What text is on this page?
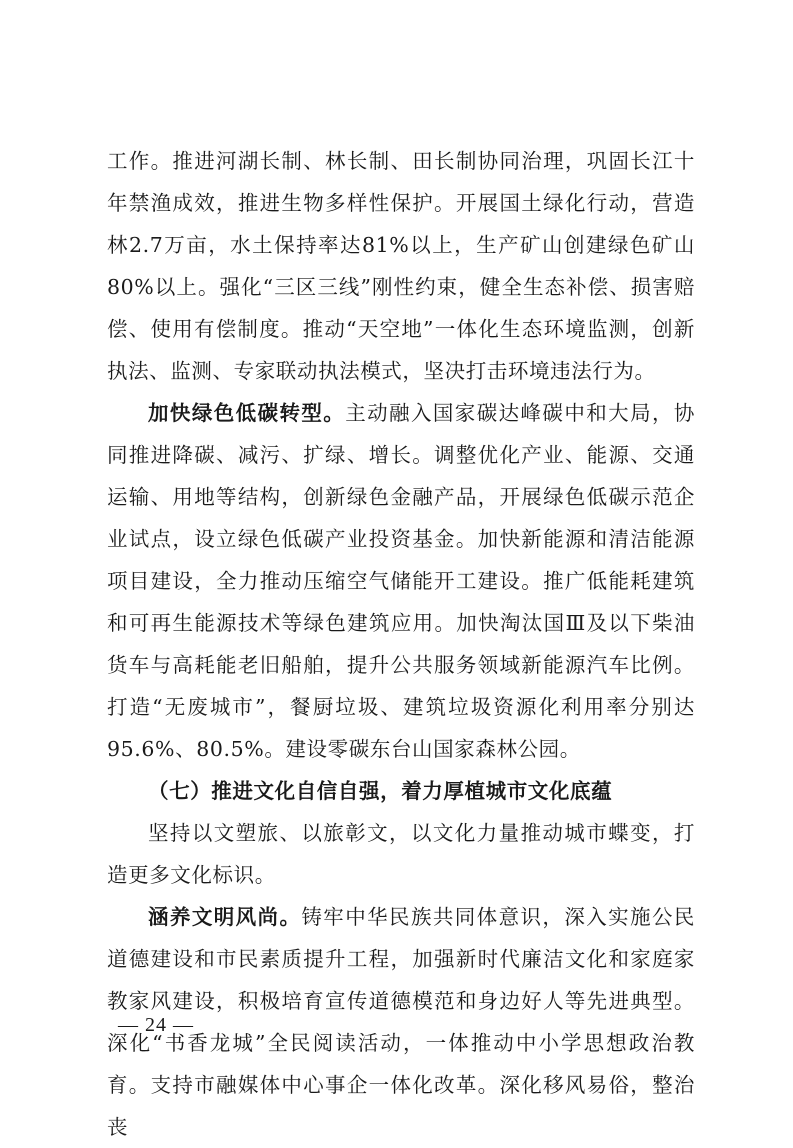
工作。推进河湖长制、林长制、田长制协同治理，巩固长江十年禁渔成效，推进生物多样性保护。开展国土绿化行动，营造林2.7万亩，水土保持率达81%以上，生产矿山创建绿色矿山80%以上。强化“三区三线”刚性约束，健全生态补偿、损害赔偿、使用有偿制度。推动“天空地”一体化生态环境监测，创新执法、监测、专家联动执法模式，坚决打击环境违法行为。

加快绿色低碳转型。主动融入国家碳达峰碳中和大局，协同推进降碳、减污、扩绿、增长。调整优化产业、能源、交通运输、用地等结构，创新绿色金融产品，开展绿色低碳示范企业试点，设立绿色低碳产业投资基金。加快新能源和清洁能源项目建设，全力推动压缩空气储能开工建设。推广低能耗建筑和可再生能源技术等绿色建筑应用。加快淘汰国Ⅲ及以下柴油货车与高耗能老旧船舶，提升公共服务领域新能源汽车比例。打造“无废城市”，餐厨垃圾、建筑垃圾资源化利用率分别达95.6%、80.5%。建设零碳东台山国家森林公园。

（七）推进文化自信自强，着力厚植城市文化底蕴

坚持以文塑旅、以旅彰文，以文化力量推动城市蝶变，打造更多文化标识。

涵养文明风尚。铸牢中华民族共同体意识，深入实施公民道德建设和市民素质提升工程，加强新时代廉洁文化和家庭家教家风建设，积极培育宣传道德模范和身边好人等先进典型。深化“书香龙城”全民阅读活动，一体推动中小学思想政治教育。支持市融媒体中心事企一体化改革。深化移风易俗，整治丧

— 24 —
